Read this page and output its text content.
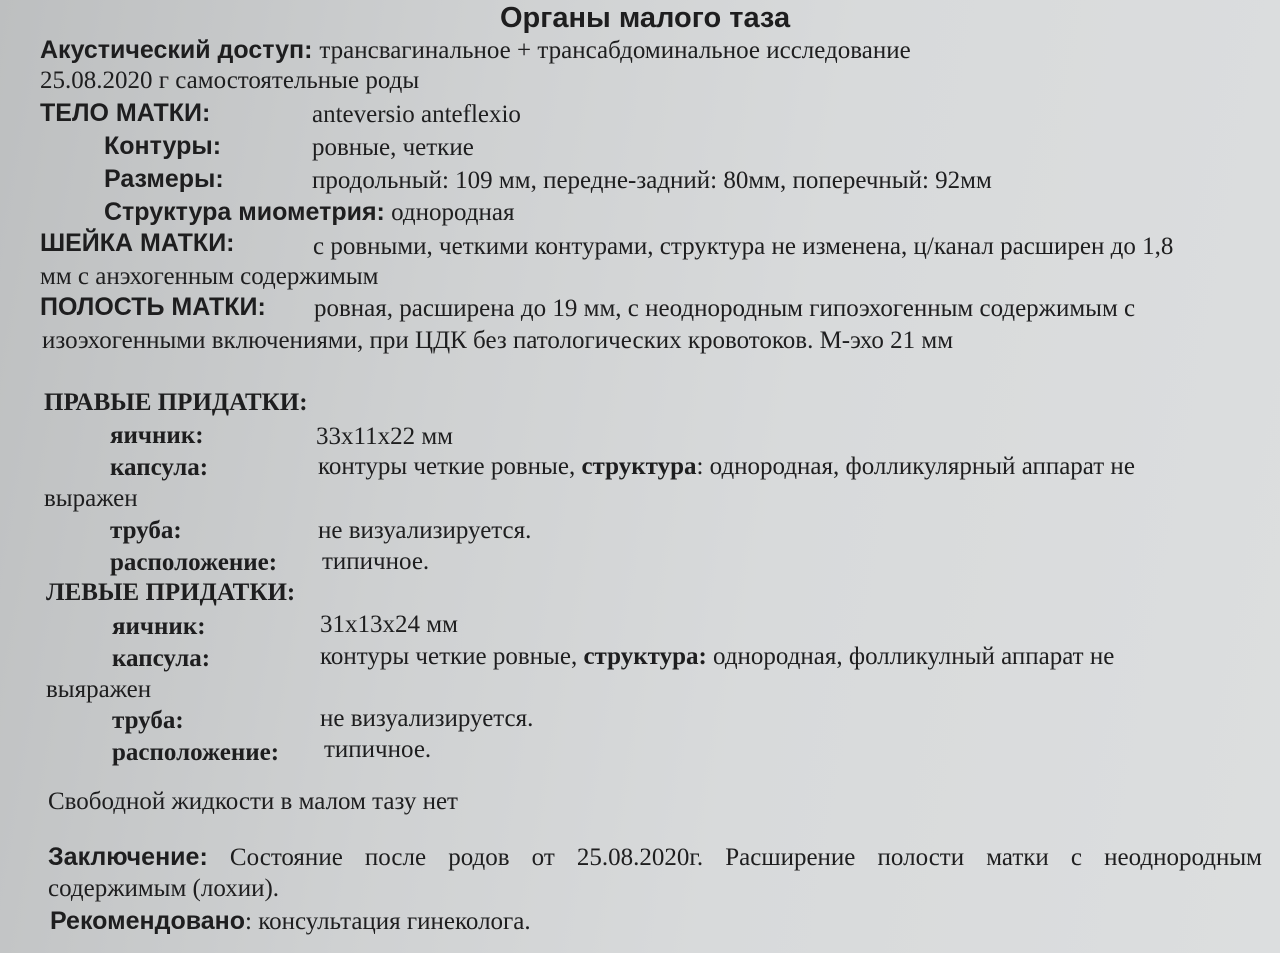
Органы малого таза
Акустический доступ: трансвагинальное + трансабдоминальное исследование
25.08.2020 г самостоятельные роды
ТЕЛО МАТКИ:	anteversio anteflexio
Контуры:	ровные, четкие
Размеры:	продольный: 109 мм, передне-задний: 80мм, поперечный: 92мм
Структура миометрия: однородная
ШЕЙКА МАТКИ:	с ровными, четкими контурами, структура не изменена, ц/канал расширен до 1,8
мм с анэхогенным содержимым
ПОЛОСТЬ МАТКИ: ровная, расширена до 19 мм, с неоднородным гипоэхогенным содержимым с
изоэхогенными включениями, при ЦДК без патологических кровотоков. М-эхо 21 мм
ПРАВЫЕ ПРИДАТКИ:
яичник:	33x11x22 мм
капсула:	контуры четкие ровные, структура: однородная, фолликулярный аппарат не
выражен
труба:	не визуализируется.
расположение: типичное.
ЛЕВЫЕ ПРИДАТКИ:
яичник:	31x13x24 мм
капсула:	контуры четкие ровные, структура: однородная, фолликулный аппарат не
выяражен
труба:	не визуализируется.
расположение: типичное.
Свободной жидкости в малом тазу нет
Заключение: Состояние после родов от 25.08.2020г. Расширение полости матки с неоднородным
содержимым (лохии).
Рекомендовано: консультация гинеколога.
